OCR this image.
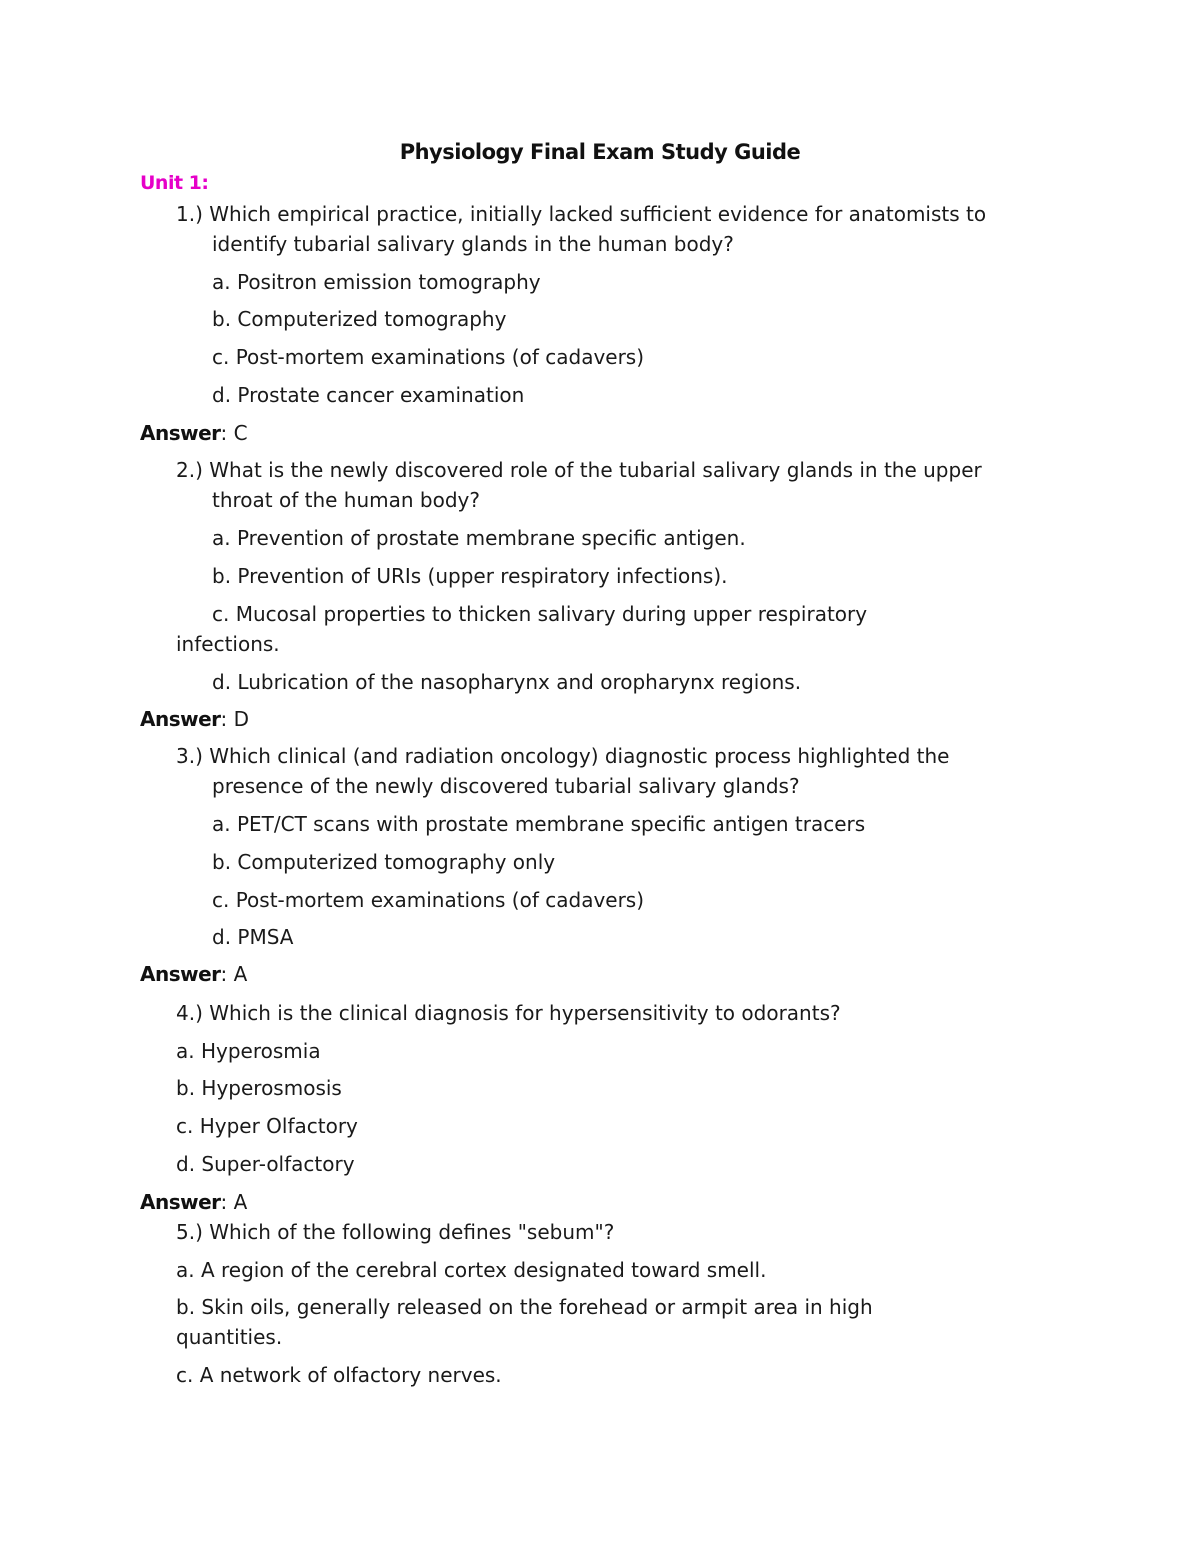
Physiology Final Exam Study Guide
Unit 1:
1.) Which empirical practice, initially lacked sufficient evidence for anatomists to
identify tubarial salivary glands in the human body?
a. Positron emission tomography
b. Computerized tomography
c. Post-mortem examinations (of cadavers)
d. Prostate cancer examination
Answer: C
2.) What is the newly discovered role of the tubarial salivary glands in the upper
throat of the human body?
a. Prevention of prostate membrane specific antigen.
b. Prevention of URIs (upper respiratory infections).
c. Mucosal properties to thicken salivary during upper respiratory
infections.
d. Lubrication of the nasopharynx and oropharynx regions.
Answer: D
3.) Which clinical (and radiation oncology) diagnostic process highlighted the
presence of the newly discovered tubarial salivary glands?
a. PET/CT scans with prostate membrane specific antigen tracers
b. Computerized tomography only
c. Post-mortem examinations (of cadavers)
d. PMSA
Answer: A
4.) Which is the clinical diagnosis for hypersensitivity to odorants?
a. Hyperosmia
b. Hyperosmosis
c. Hyper Olfactory
d. Super-olfactory
Answer: A
5.) Which of the following defines "sebum"?
a. A region of the cerebral cortex designated toward smell.
b. Skin oils, generally released on the forehead or armpit area in high
quantities.
c. A network of olfactory nerves.
